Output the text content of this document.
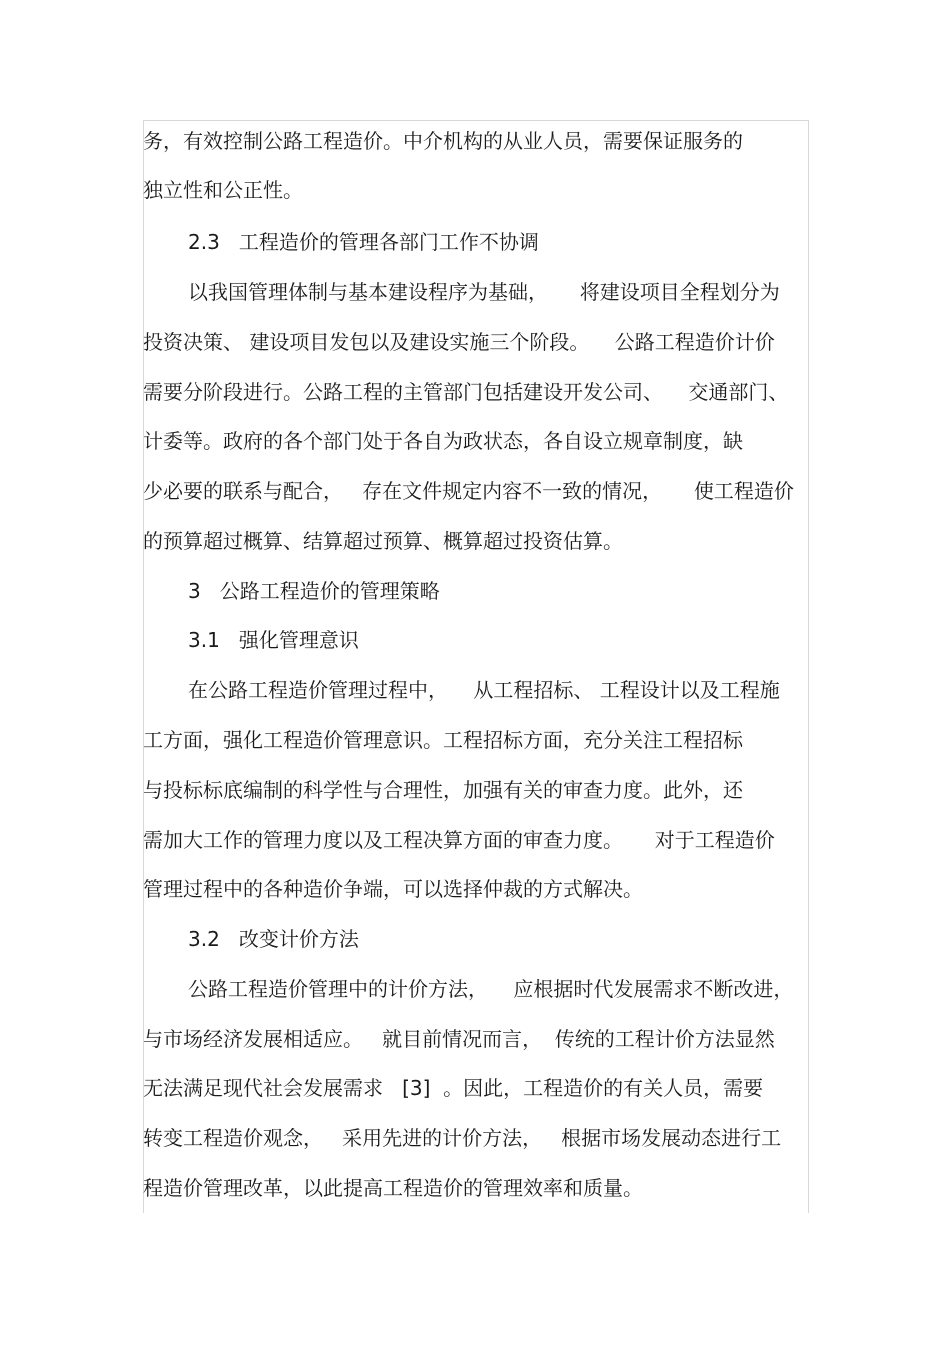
务，有效控制公路工程造价。中介机构的从业人员，需要保证服务的
独立性和公正性。
2.3   工程造价的管理各部门工作不协调
以我国管理体制与基本建设程序为基础，     将建设项目全程划分为
投资决策、 建设项目发包以及建设实施三个阶段。    公路工程造价计价
需要分阶段进行。公路工程的主管部门包括建设开发公司、    交通部门、
计委等。政府的各个部门处于各自为政状态，各自设立规章制度，缺
少必要的联系与配合，   存在文件规定内容不一致的情况，     使工程造价
的预算超过概算、结算超过预算、概算超过投资估算。
3   公路工程造价的管理策略
3.1   强化管理意识
在公路工程造价管理过程中，    从工程招标、 工程设计以及工程施
工方面，强化工程造价管理意识。工程招标方面，充分关注工程招标
与投标标底编制的科学性与合理性，加强有关的审查力度。此外，还
需加大工作的管理力度以及工程决算方面的审查力度。     对于工程造价
管理过程中的各种造价争端，可以选择仲裁的方式解决。
3.2   改变计价方法
公路工程造价管理中的计价方法，    应根据时代发展需求不断改进，
与市场经济发展相适应。   就目前情况而言，  传统的工程计价方法显然
无法满足现代社会发展需求   [3]  。因此，工程造价的有关人员，需要
转变工程造价观念，   采用先进的计价方法，   根据市场发展动态进行工
程造价管理改革，以此提高工程造价的管理效率和质量。
